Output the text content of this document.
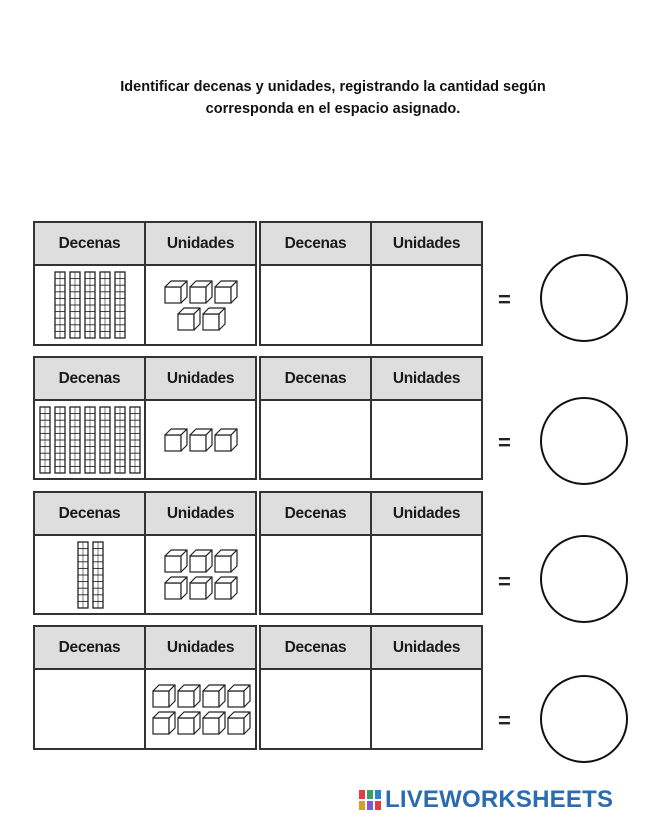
Identificar decenas y unidades, registrando la cantidad según
corresponda en el espacio asignado.
Decenas	Unidades

		Decenas	Unidades

=
Decenas	Unidades

		Decenas	Unidades

=
Decenas	Unidades

		Decenas	Unidades

=
Decenas	Unidades

		Decenas	Unidades

=
LIVEWORKSHEETS
